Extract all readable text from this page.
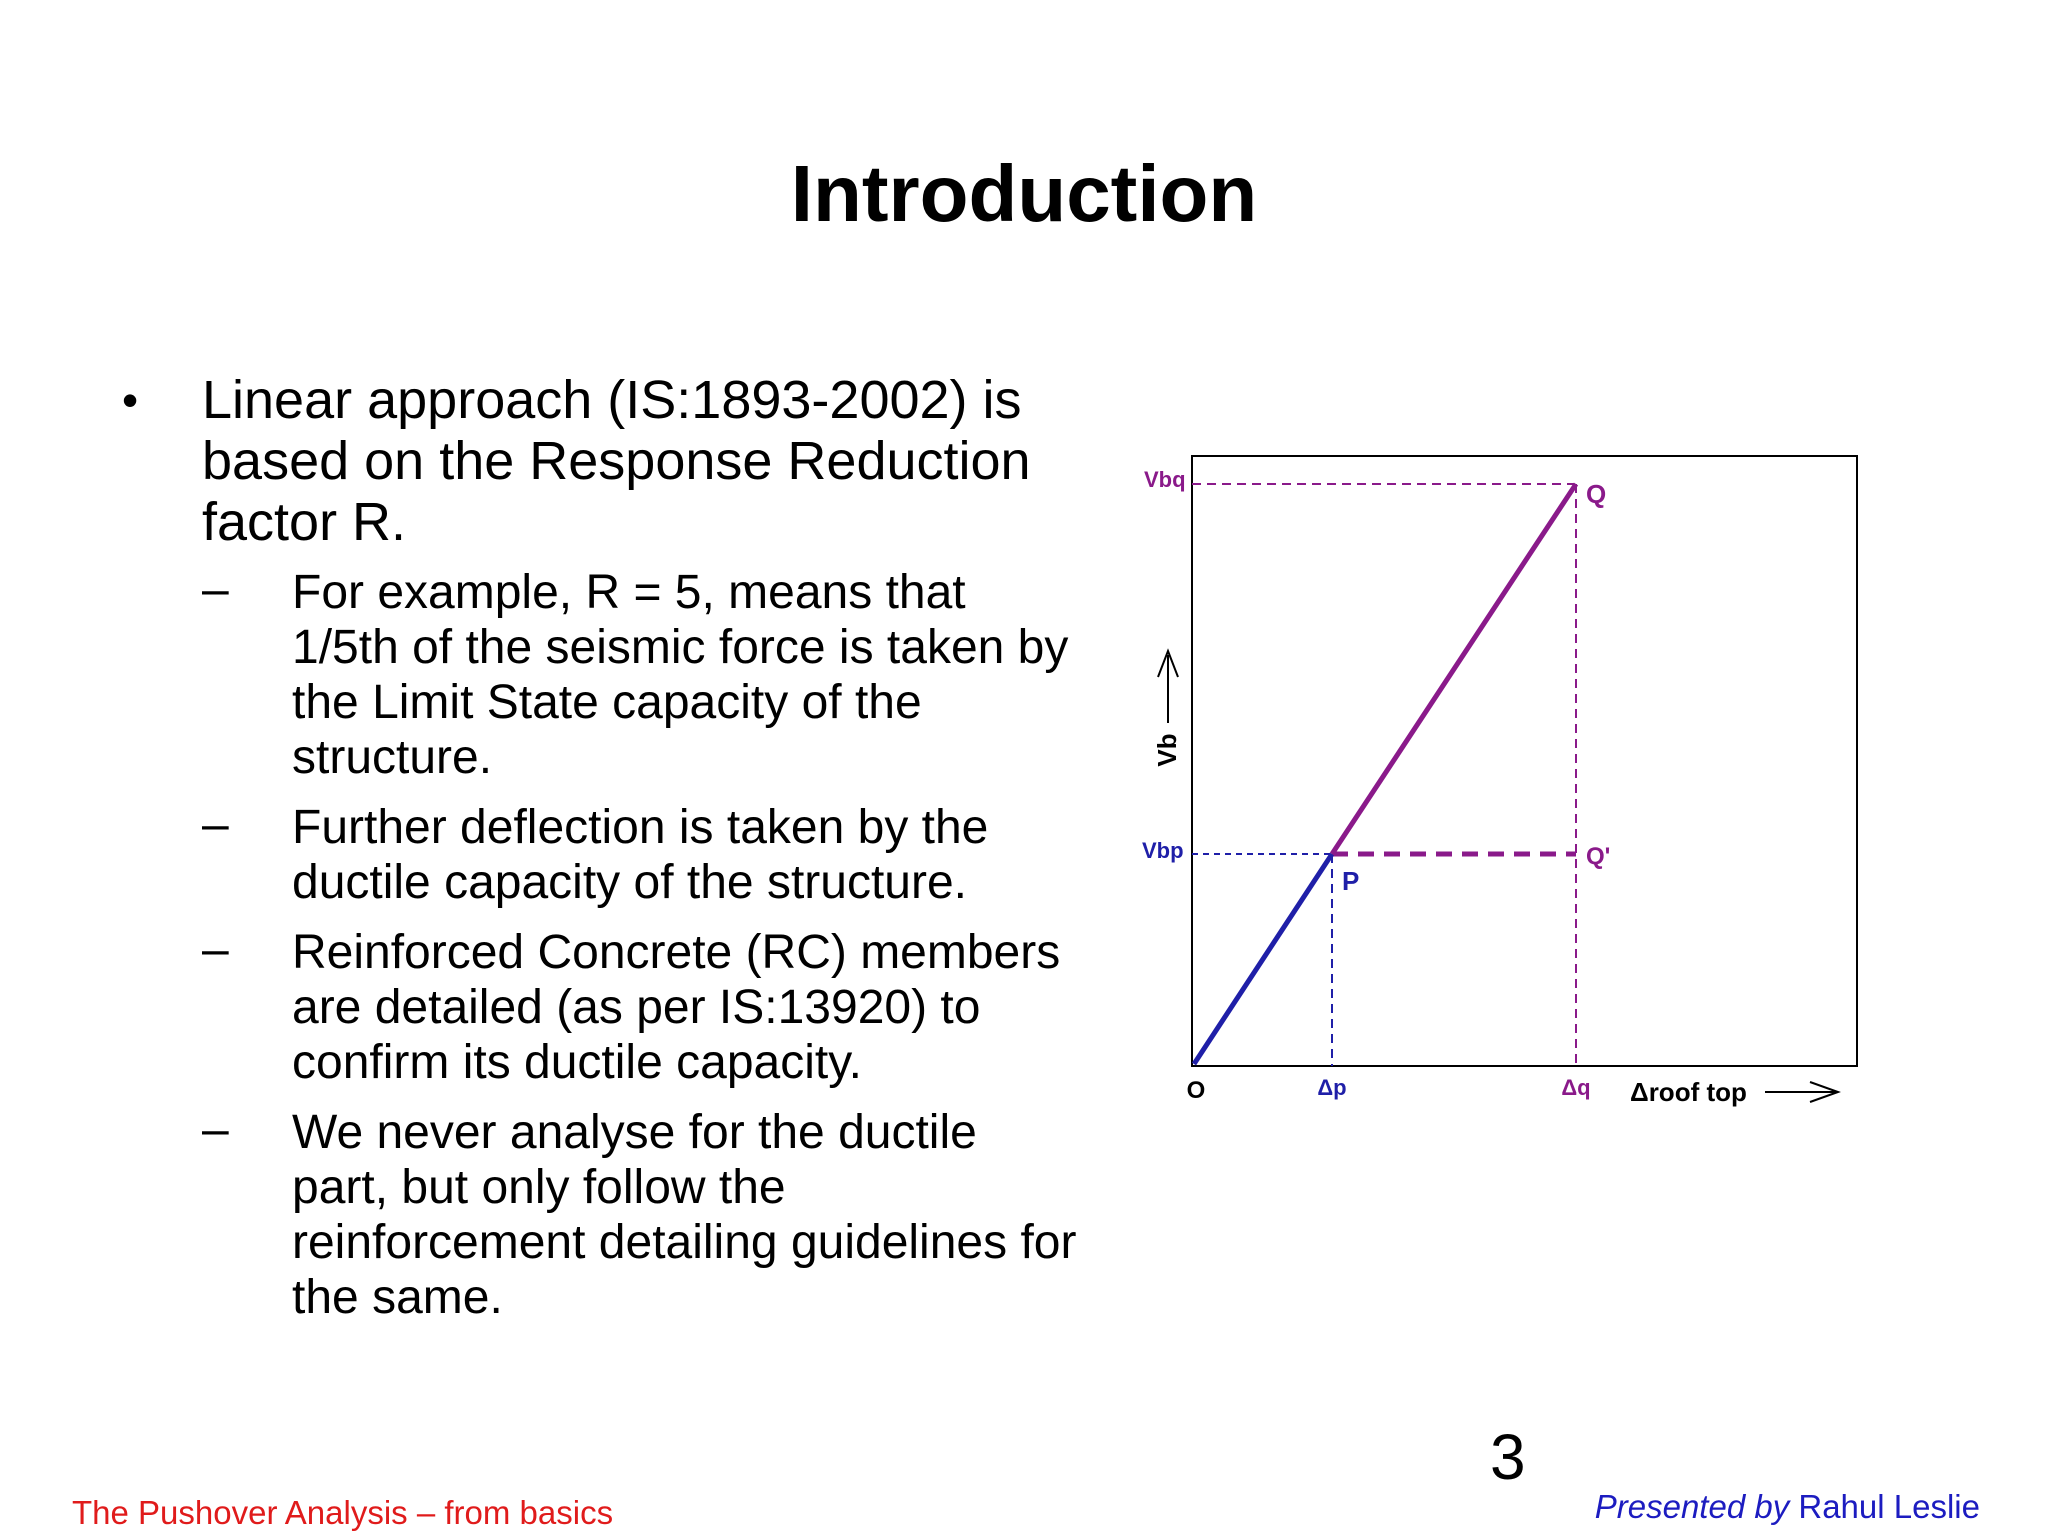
Introduction
• Linear approach (IS:1893-2002) is based on the Response Reduction factor R.
– For example, R = 5, means that 1/5th of the seismic force is taken by the Limit State capacity of the structure.
– Further deflection is taken by the ductile capacity of the structure.
– Reinforced Concrete (RC) members are detailed (as per IS:13920) to confirm its ductile capacity.
– We never analyse for the ductile part, but only follow the reinforcement detailing guidelines for the same.
Vbq
Vbp
Q
Q'
P
Vb
O	Δp	Δq Δroof top
3
The Pushover Analysis – from basics	Presented by Rahul Leslie
